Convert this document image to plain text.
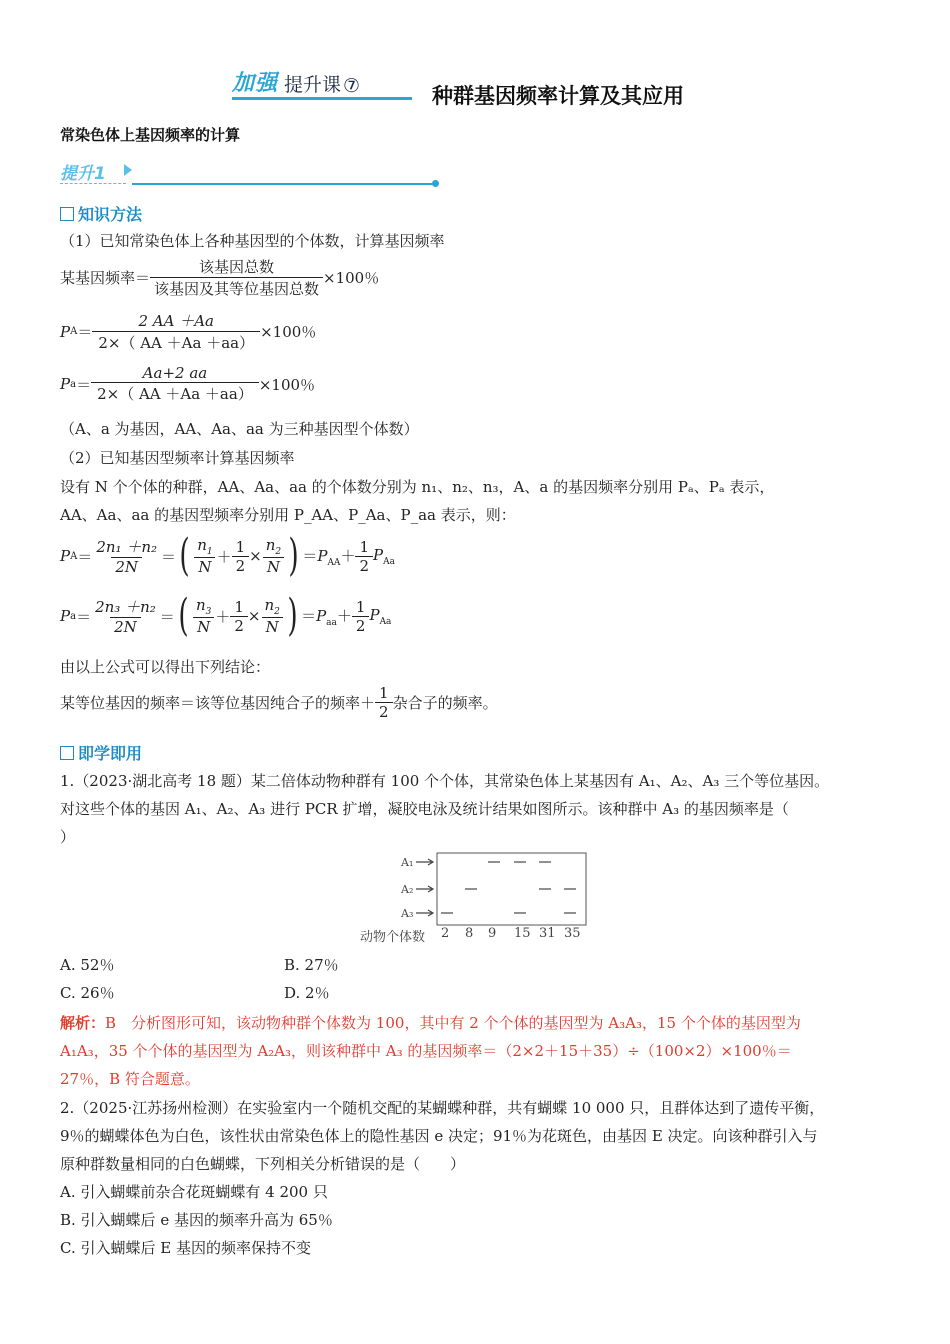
加强 提升课 ⑦	种群基因频率计算及其应用
常染色体上基因频率的计算
提升1
知识方法
（1）已知常染色体上各种基因型的个体数，计算基因频率
某基因频率＝ $\frac{\text{该基因总数}}{\text{该基因及其等位基因总数}} \times 100$％
P $A = \frac{2 AA +Aa}{2\times( AA +Aa +aa)} \times 100$％
P $a = \frac{Aa+2 aa}{2\times( AA +Aa +aa)} \times 100$％
（A、a 为基因，AA、Aa、aa 为三种基因型个体数）
（2）已知基因型频率计算基因频率
设有 N 个个体的种群，AA、Aa、aa 的个体数分别为 n₁、n₂、n₃，A、a 的基因频率分别用 Pₐ、Pₐ 表示，
AA、Aa、aa 的基因型频率分别用 P_AA、P_Aa、P_aa 表示，则：
P $A = \frac{\text{2n₁ ＋n₂}}{2N}$ ＝ ( $\frac{n_1}{N} + \frac{1}{2} \times \frac{n_2}{N}$ ) $=P_{AA}+ \frac{1}{2} P_{Aa}$
P $a = \frac{\text{2n₃ ＋n₂}}{2N}$ ＝ ( $\frac{n_3}{N} + \frac{1}{2} \times \frac{n_2}{N}$ ) $=P_{aa}+ \frac{1}{2} P_{Aa}$
由以上公式可以得出下列结论：
某等位基因的频率＝该等位基因纯合子的频率＋ $\frac{1}{2}$ 杂合子的频率。
即学即用
1.（2023·湖北高考 18 题）某二倍体动物种群有 100 个个体，其常染色体上某基因有 A₁、A₂、A₃ 三个等位基因。
对这些个体的基因 A₁、A₂、A₃ 进行 PCR 扩增，凝胶电泳及统计结果如图所示。该种群中 A₃ 的基因频率是（
）
A₁
A₂
A₃
动物个体数 2 8 9 15 31 35
A. 52％	B. 27％
C. 26％	D. 2％
解析：B　分析图形可知，该动物种群个体数为 100，其中有 2 个个体的基因型为 A₃A₃，15 个个体的基因型为
A₁A₃，35 个个体的基因型为 A₂A₃，则该种群中 A₃ 的基因频率＝（2×2＋15＋35）÷（100×2）×100％＝
27％，B 符合题意。
2.（2025·江苏扬州检测）在实验室内一个随机交配的某蝴蝶种群，共有蝴蝶 10 000 只，且群体达到了遗传平衡，
9％的蝴蝶体色为白色，该性状由常染色体上的隐性基因 e 决定；91％为花斑色，由基因 E 决定。向该种群引入与
原种群数量相同的白色蝴蝶，下列相关分析错误的是（　　）
A. 引入蝴蝶前杂合花斑蝴蝶有 4 200 只
B. 引入蝴蝶后 e 基因的频率升高为 65％
C. 引入蝴蝶后 E 基因的频率保持不变
